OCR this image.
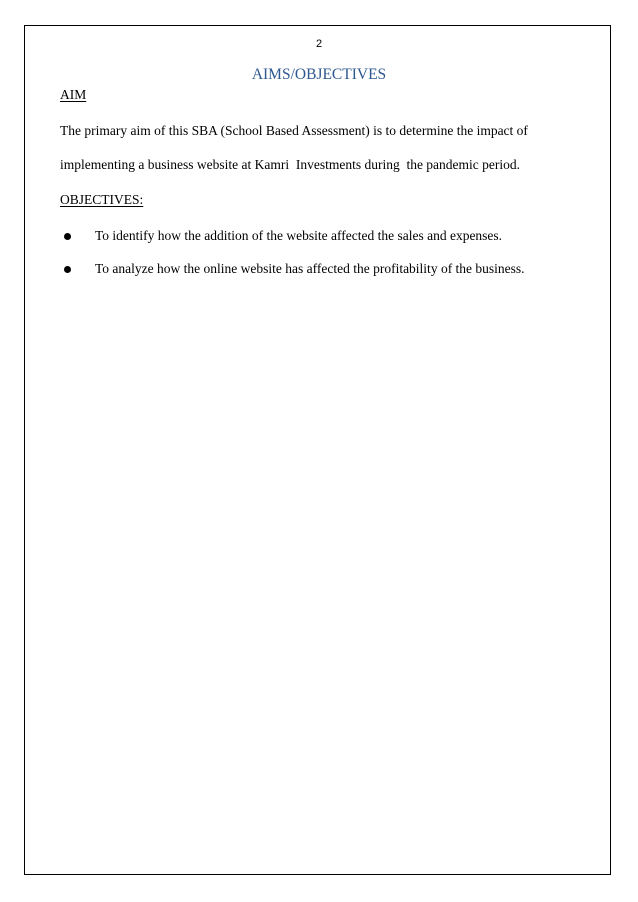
2
AIMS/OBJECTIVES
AIM
The primary aim of this SBA (School Based Assessment) is to determine the impact of
implementing a business website at Kamri  Investments during  the pandemic period.
OBJECTIVES:
To identify how the addition of the website affected the sales and expenses.
To analyze how the online website has affected the profitability of the business.
